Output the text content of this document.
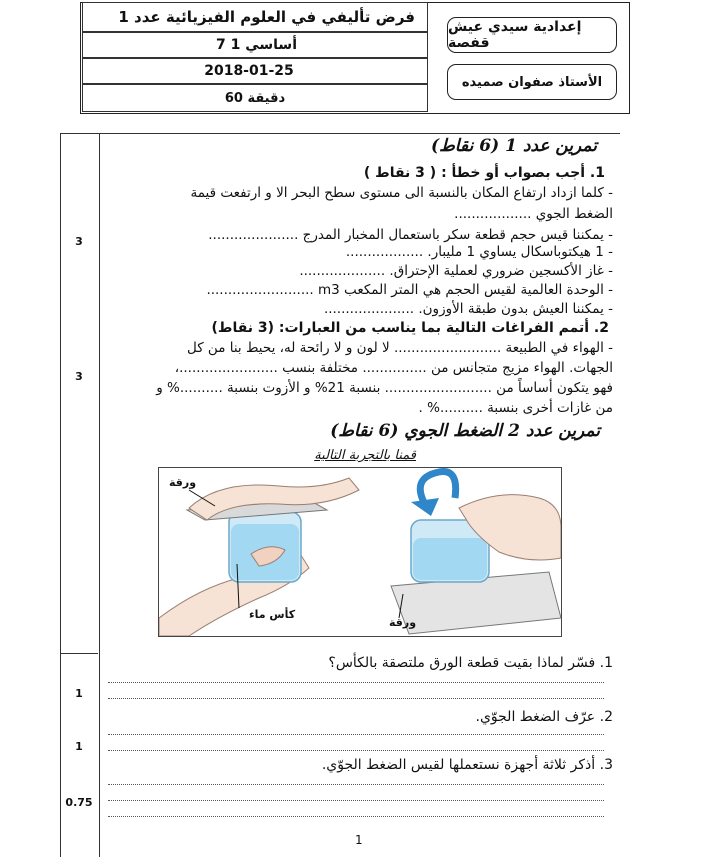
فرض تأليفي في العلوم الفيزيائية عدد 1
7 أساسي 1
2018-01-25
60 دقيقة
إعدادية سيدي عيش قفصة
الأستاذ صفوان صميده
تمرين عدد 1 (6 نقاط)
1. أجب بصواب أو خطأ : ( 3 نقاط )
- كلما ازداد ارتفاع المكان بالنسبة الى مستوى سطح البحر الا و ارتفعت قيمة
الضغط الجوي ..................
- يمكننا قيس حجم قطعة سكر باستعمال المخبار المدرج .....................
- 1 هيكتوباسكال يساوي 1 مليبار. ..................
- غاز الأكسجين ضروري لعملية الإحتراق. ....................
- الوحدة العالمية لقيس الحجم هي المتر المكعب m3 .........................
- يمكننا العيش بدون طبقة الأوزون. .....................
3
2. أتمم الفراغات التالية بما يناسب من العبارات: (3 نقاط)
- الهواء في الطبيعة ......................... لا لون و لا رائحة له، يحيط بنا من كل
الجهات. الهواء مزيج متجانس من ............... مختلفة بنسب .......................،
فهو يتكون أساساً من ......................... بنسبة 21% و الأزوت بنسبة ..........% و
من غازات أخرى بنسبة ..........% .
3
تمرين عدد 2 الضغط الجوي (6 نقاط)
قمنا بالتجربة التالية
ورقة
كأس ماء
ورقة
1. فسّر لماذا بقيت قطعة الورق ملتصقة بالكأس؟
1
2. عرّف الضغط الجوّي.
1
3. أذكر ثلاثة أجهزة نستعملها لقيس الضغط الجوّي.
0.75
1
